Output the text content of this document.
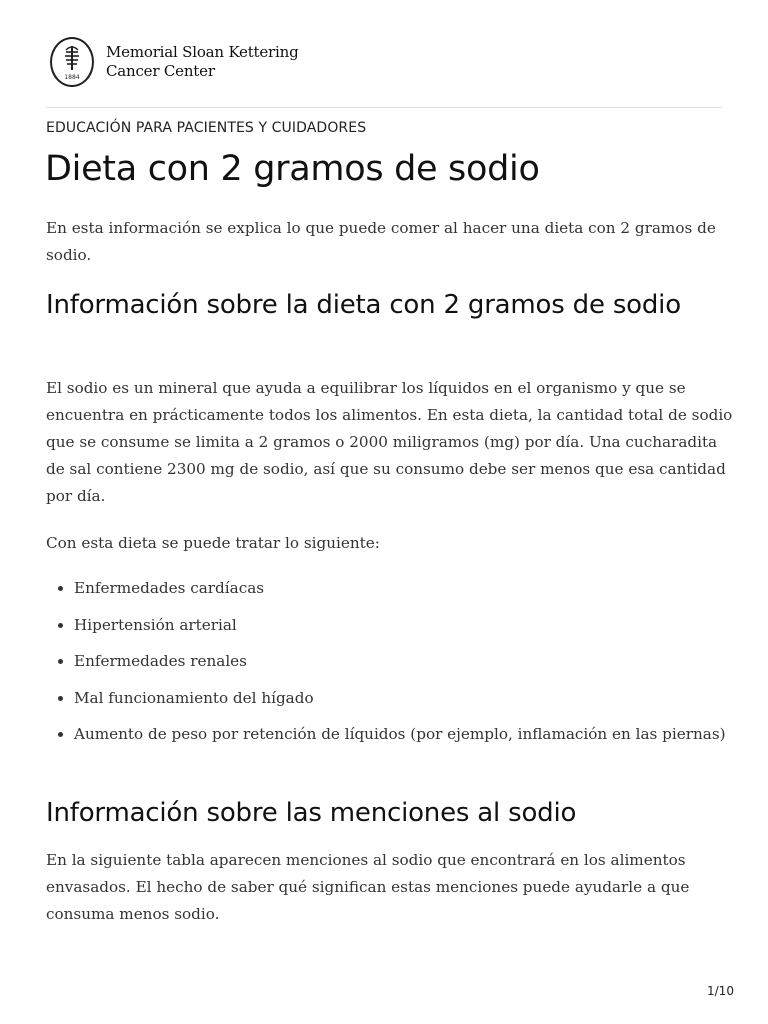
1884
Memorial Sloan Kettering
Cancer Center
EDUCACIÓN PARA PACIENTES Y CUIDADORES
Dieta con 2 gramos de sodio

En esta información se explica lo que puede comer al hacer una dieta con 2 gramos de sodio.

Información sobre la dieta con 2 gramos de sodio

El sodio es un mineral que ayuda a equilibrar los líquidos en el organismo y que se encuentra en prácticamente todos los alimentos. En esta dieta, la cantidad total de sodio que se consume se limita a 2 gramos o 2000 miligramos (mg) por día. Una cucharadita de sal contiene 2300 mg de sodio, así que su consumo debe ser menos que esa cantidad por día.

Con esta dieta se puede tratar lo siguiente:

Enfermedades cardíacas
Hipertensión arterial
Enfermedades renales
Mal funcionamiento del hígado
Aumento de peso por retención de líquidos (por ejemplo, inflamación en las piernas)
Información sobre las menciones al sodio

En la siguiente tabla aparecen menciones al sodio que encontrará en los alimentos envasados. El hecho de saber qué significan estas menciones puede ayudarle a que consuma menos sodio.

1/10
